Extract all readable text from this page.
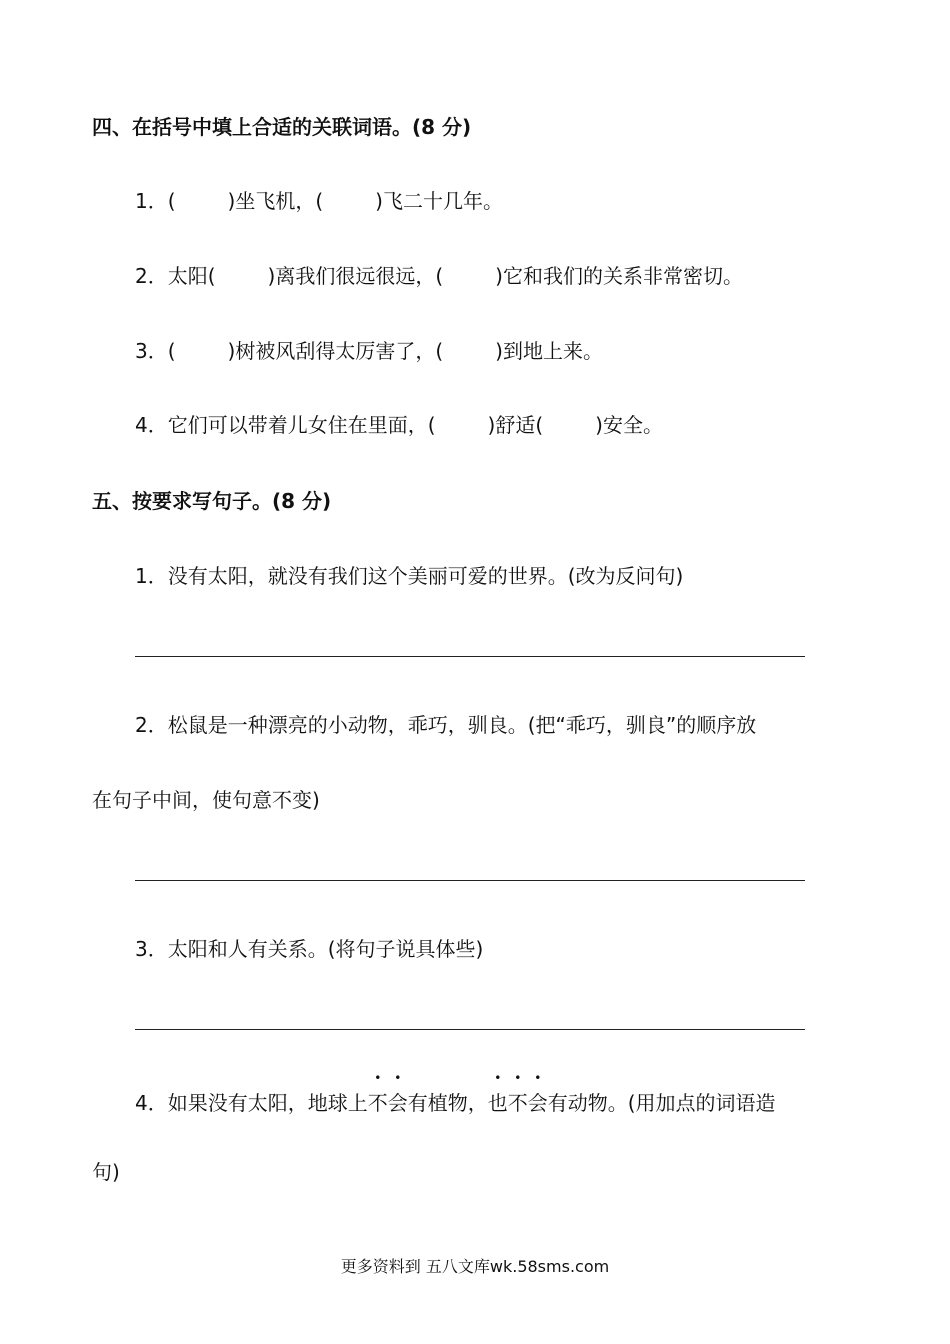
四、在括号中填上合适的关联词语。(8 分)
1．(	)坐飞机，(	)飞二十几年。
2．太阳(	)离我们很远很远，(	)它和我们的关系非常密切。
3．(	)树被风刮得太厉害了，(	)到地上来。
4．它们可以带着儿女住在里面，(	)舒适(	)安全。
五、按要求写句子。(8 分)
1．没有太阳，就没有我们这个美丽可爱的世界。(改为反问句)
2．松鼠是一种漂亮的小动物，乖巧，驯良。(把“乖巧，驯良”的顺序放
在句子中间，使句意不变)
3．太阳和人有关系。(将句子说具体些)
4．如果没有太阳，地球上不会有植物，也不会有动物。(用加点的词语造
句)
更多资料到 五八文库wk.58sms.com
